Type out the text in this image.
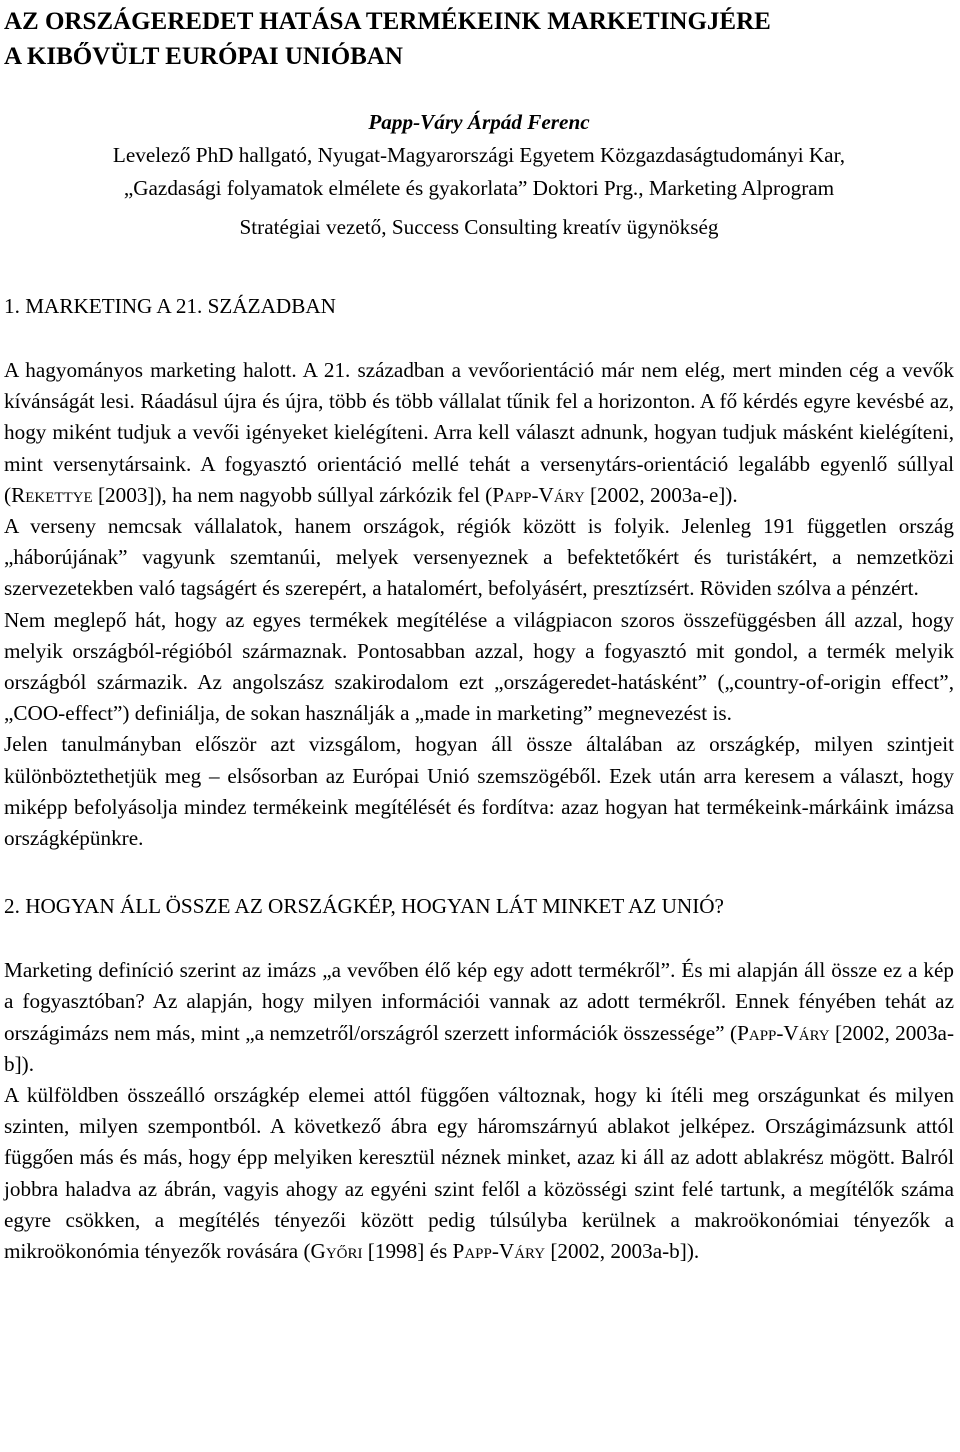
AZ ORSZÁGEREDET HATÁSA TERMÉKEINK MARKETINGJÉRE
A KIBŐVÜLT EURÓPAI UNIÓBAN
Papp-Váry Árpád Ferenc

Levelező PhD hallgató, Nyugat-Magyarországi Egyetem Közgazdaságtudományi Kar,

„Gazdasági folyamatok elmélete és gyakorlata” Doktori Prg., Marketing Alprogram

Stratégiai vezető, Success Consulting kreatív ügynökség

1. MARKETING A 21. SZÁZADBAN

A hagyományos marketing halott. A 21. században a vevőorientáció már nem elég, mert minden cég a vevők kívánságát lesi. Ráadásul újra és újra, több és több vállalat tűnik fel a horizonton. A fő kérdés egyre kevésbé az, hogy miként tudjuk a vevői igényeket kielégíteni. Arra kell választ adnunk, hogyan tudjuk másként kielégíteni, mint versenytársaink. A fogyasztó orientáció mellé tehát a versenytárs-orientáció legalább egyenlő súllyal (Rekettye [2003]), ha nem nagyobb súllyal zárkózik fel (Papp-Váry [2002, 2003a-e]).

A verseny nemcsak vállalatok, hanem országok, régiók között is folyik. Jelenleg 191 független ország „háborújának” vagyunk szemtanúi, melyek versenyeznek a befektetőkért és turistákért, a nemzetközi szervezetekben való tagságért és szerepért, a hatalomért, befolyásért, presztízsért. Röviden szólva a pénzért.

Nem meglepő hát, hogy az egyes termékek megítélése a világpiacon szoros összefüggésben áll azzal, hogy melyik országból-régióból származnak. Pontosabban azzal, hogy a fogyasztó mit gondol, a termék melyik országból származik. Az angolszász szakirodalom ezt „országeredet-hatásként” („country-of-origin effect”, „COO-effect”) definiálja, de sokan használják a „made in marketing” megnevezést is.

Jelen tanulmányban először azt vizsgálom, hogyan áll össze általában az országkép, milyen szintjeit különböztethetjük meg – elsősorban az Európai Unió szemszögéből. Ezek után arra keresem a választ, hogy miképp befolyásolja mindez termékeink megítélését és fordítva: azaz hogyan hat termékeink-márkáink imázsa országképünkre.

2. HOGYAN ÁLL ÖSSZE AZ ORSZÁGKÉP, HOGYAN LÁT MINKET AZ UNIÓ?

Marketing definíció szerint az imázs „a vevőben élő kép egy adott termékről”. És mi alapján áll össze ez a kép a fogyasztóban? Az alapján, hogy milyen információi vannak az adott termékről. Ennek fényében tehát az országimázs nem más, mint „a nemzetről/országról szerzett információk összessége” (Papp-Váry [2002, 2003a-b]).

A külföldben összeálló országkép elemei attól függően változnak, hogy ki ítéli meg országunkat és milyen szinten, milyen szempontból. A következő ábra egy háromszárnyú ablakot jelképez. Országimázsunk attól függően más és más, hogy épp melyiken keresztül néznek minket, azaz ki áll az adott ablakrész mögött. Balról jobbra haladva az ábrán, vagyis ahogy az egyéni szint felől a közösségi szint felé tartunk, a megítélők száma egyre csökken, a megítélés tényezői között pedig túlsúlyba kerülnek a makroökonómiai tényezők a mikroökonómia tényezők rovására (Győri [1998] és Papp-Váry [2002, 2003a-b]).
